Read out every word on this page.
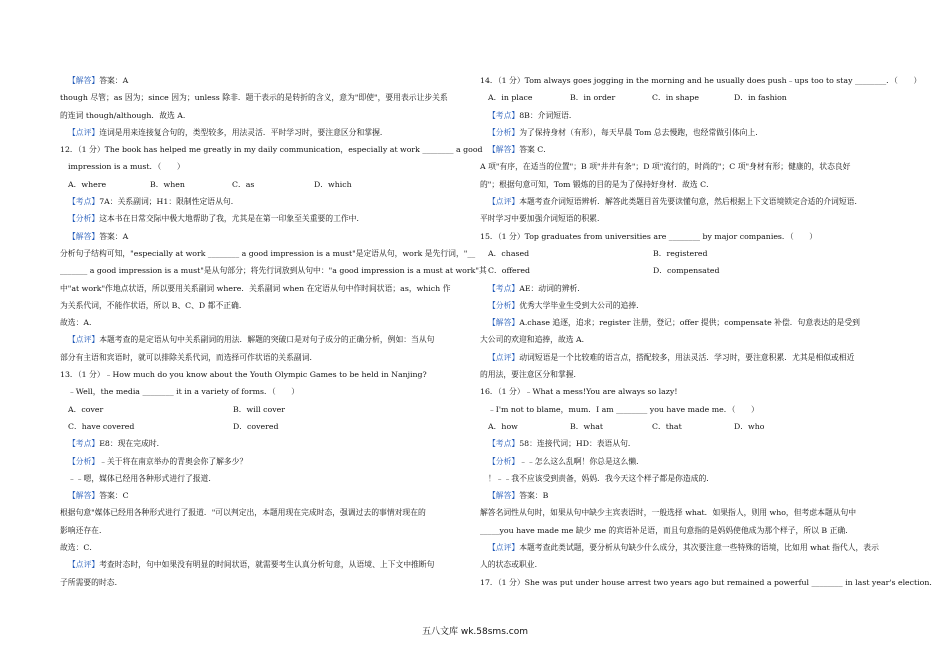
【解答】答案：A
though 尽管；as 因为；since 因为；unless 除非．题干表示的是转折的含义，意为"即使"，要用表示让步关系
的连词 though/although．故选 A．
【点评】连词是用来连接复合句的，类型较多，用法灵活．平时学习时，要注意区分和掌握．
12．（1 分）The book has helped me greatly in my daily communication，especially at work ________ a good
impression is a must．（　　）
A．where	B．when	C．as	D．which
【考点】7A：关系副词；H1：限制性定语从句．
【分析】这本书在日常交际中极大地帮助了我，尤其是在第一印象至关重要的工作中．
【解答】答案：A
分析句子结构可知，"especially at work ________ a good impression is a must"是定语从句，work 是先行词，"__
_______ a good impression is a must"是从句部分；将先行词放到从句中："a good impression is a must at work"其
中"at work"作地点状语，所以要用关系副词 where．关系副词 when 在定语从句中作时间状语；as，which 作
为关系代词，不能作状语，所以 B、C、D 都不正确．
故选：A．
【点评】本题考查的是定语从句中关系副词的用法．解题的突破口是对句子成分的正确分析，例如：当从句
部分有主语和宾语时，就可以排除关系代词，而选择可作状语的关系副词．
13．（1 分）﹣How much do you know about the Youth Olympic Games to be held in Nanjing?
﹣Well，the media ________ it in a variety of forms．（　　）
A．cover	B．will cover
C．have covered	D．covered
【考点】E8：现在完成时．
【分析】﹣关于将在南京举办的青奥会你了解多少？
﹣﹣嗯，媒体已经用各种形式进行了报道．
【解答】答案：C
根据句意"媒体已经用各种形式进行了报道．"可以判定出，本题用现在完成时态，强调过去的事情对现在的
影响还存在．
故选：C．
【点评】考查时态时，句中如果没有明显的时间状语，就需要考生认真分析句意，从语境、上下文中推断句
子所需要的时态．
14．（1 分）Tom always goes jogging in the morning and he usually does push﹣ups too to stay ________．（　　）
A．in place	B．in order	C．in shape	D．in fashion
【考点】8B：介词短语．
【分析】为了保持身材（有形），每天早晨 Tom 总去慢跑，也经常做引体向上．
【解答】答案 C．
A 项"有序，在适当的位置"；B 项"井井有条"；D 项"流行的，时尚的"；C 项"身材有形；健康的，状态良好
的"；根据句意可知，Tom 锻炼的目的是为了保持好身材．故选 C．
【点评】本题考查介词短语辨析．解答此类题目首先要读懂句意，然后根据上下文语境锁定合适的介词短语．
平时学习中要加强介词短语的积累．
15．（1 分）Top graduates from universities are ________ by major companies．（　　）
A．chased	B．registered
C．offered	D．compensated
【考点】AE：动词的辨析．
【分析】优秀大学毕业生受到大公司的追捧．
【解答】A.chase 追逐，追求；register 注册，登记；offer 提供；compensate 补偿．句意表达的是受到
大公司的欢迎和追捧，故选 A．
【点评】动词短语是一个比较难的语言点，搭配较多，用法灵活．学习时，要注意积累．尤其是相似或相近
的用法，要注意区分和掌握．
16．（1 分）﹣What a mess!You are always so lazy!
﹣I'm not to blame，mum．I am ________ you have made me．（　　）
A．how	B．what	C．that	D．who
【考点】58：连接代词；HD：表语从句．
【分析】﹣﹣怎么这么乱啊！你总是这么懒．
！﹣﹣我不应该受到责备，妈妈．我今天这个样子都是你造成的．
【解答】答案：B
解答名词性从句时，如果从句中缺少主宾表语时，一般选择 what．如果指人，则用 who，但考虑本题从句中
_____you have made me 缺少 me 的宾语补足语，而且句意指的是妈妈使他成为那个样子，所以 B 正确．
【点评】本题考查此类试题，要分析从句缺少什么成分，其次要注意一些特殊的语境，比如用 what 指代人，表示
人的状态或职业．
17．（1 分）She was put under house arrest two years ago but remained a powerful ________ in last year's election．
五八文库 wk.58sms.com
